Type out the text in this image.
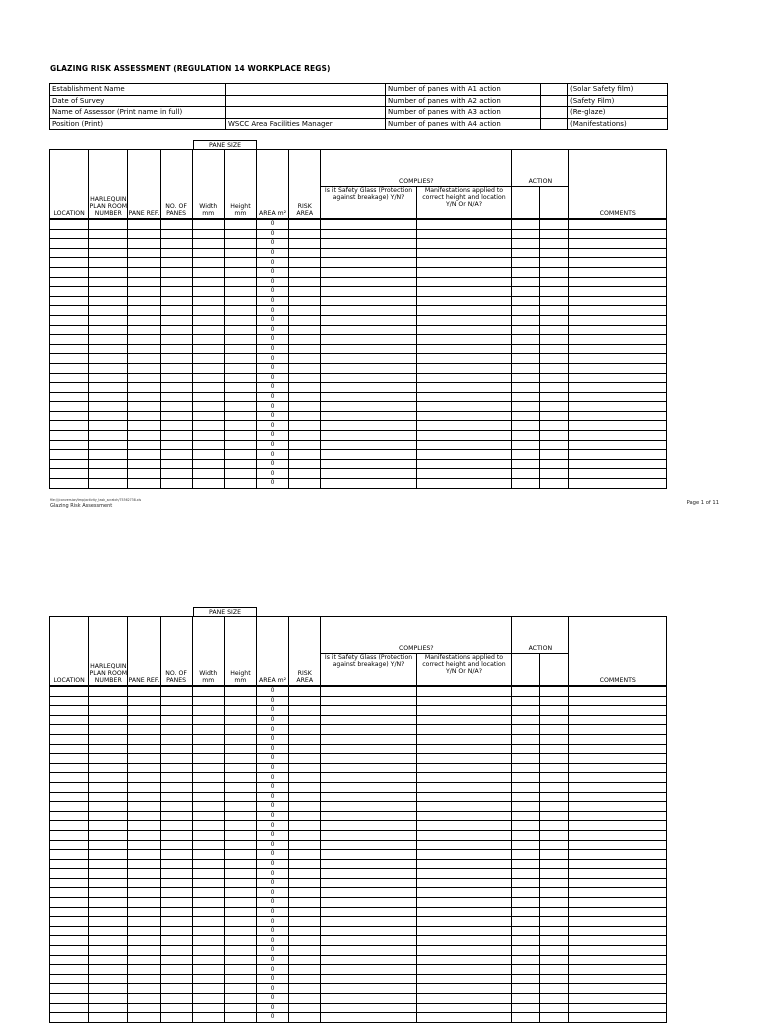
GLAZING RISK ASSESSMENT (REGULATION 14 WORKPLACE REGS)
Establishment Name		Number of panes with A1 action		(Solar Safety film)
Date of Survey		Number of panes with A2 action		(Safety Film)
Name of Assessor (Print name in full)		Number of panes with A3 action		(Re-glaze)
Position (Print)	WSCC Area Facilities Manager	Number of panes with A4 action		(Manifestations)
PANE SIZE
LOCATION	HARLEQUIN PLAN ROOM NUMBER	PANE REF.	NO. OF PANES	Width mm	Height mm	AREA m²	RISK AREA	COMPLIES?		ACTION		COMMENTS
								Is it Safety Glass (Protection against breakage) Y/N?	Manifestations applied to correct height and location Y/N Or N/A?			
						0						
						0						
						0						
						0						
						0						
						0						
						0						
						0						
						0						
						0						
						0						
						0						
						0						
						0						
						0						
						0						
						0						
						0						
						0						
						0						
						0						
						0						
						0						
						0						
						0						
						0						
						0						
						0						
file:///conversion/tmp/activity_task_scratch/75362738.xls
Glazing Risk Assessment	Page 1 of 11
PANE SIZE
LOCATION	HARLEQUIN PLAN ROOM NUMBER	PANE REF.	NO. OF PANES	Width mm	Height mm	AREA m²	RISK AREA	COMPLIES?		ACTION		COMMENTS
								Is it Safety Glass (Protection against breakage) Y/N?	Manifestations applied to correct height and location Y/N Or N/A?			
						0						
						0						
						0						
						0						
						0						
						0						
						0						
						0						
						0						
						0						
						0						
						0						
						0						
						0						
						0						
						0						
						0						
						0						
						0						
						0						
						0						
						0						
						0						
						0						
						0						
						0						
						0						
						0						
						0						
						0						
						0						
						0						
						0						
						0						
						0						
